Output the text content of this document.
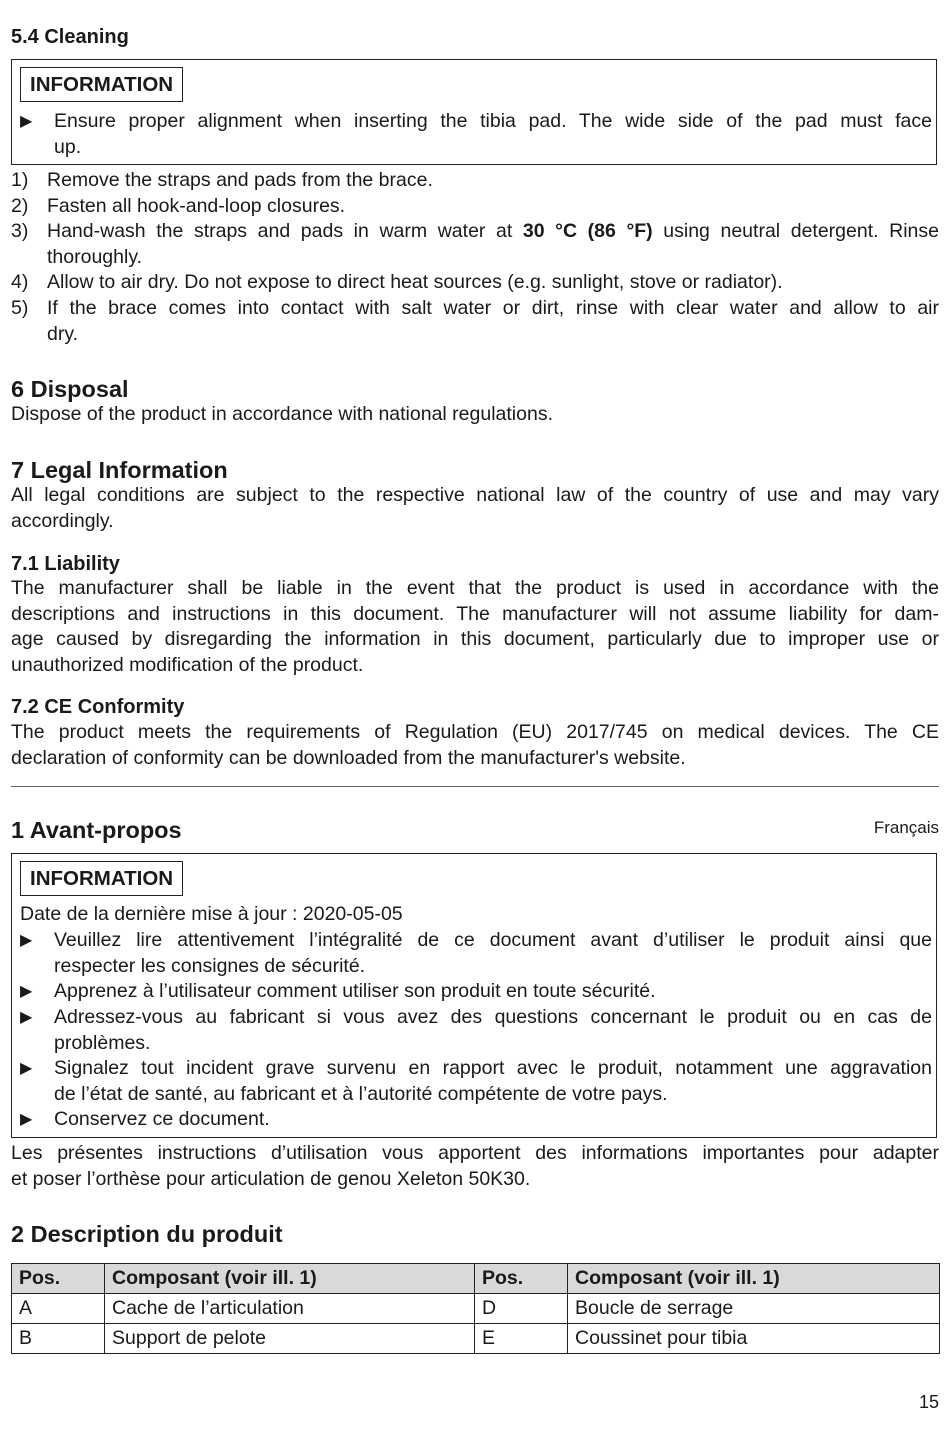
5.4 Cleaning
INFORMATION
▶ Ensure proper alignment when inserting the tibia pad. The wide side of the pad must face
up.
1) Remove the straps and pads from the brace.
2) Fasten all hook-and-loop closures.
3) Hand-wash the straps and pads in warm water at 30 °C (86 °F) using neutral detergent. Rinse
thoroughly.
4) Allow to air dry. Do not expose to direct heat sources (e.g. sunlight, stove or radiator).
5) If the brace comes into contact with salt water or dirt, rinse with clear water and allow to air
dry.
6 Disposal
Dispose of the product in accordance with national regulations.
7 Legal Information
All legal conditions are subject to the respective national law of the country of use and may vary
accordingly.
7.1 Liability
The manufacturer shall be liable in the event that the product is used in accordance with the
descriptions and instructions in this document. The manufacturer will not assume liability for dam-
age caused by disregarding the information in this document, particularly due to improper use or
unauthorized modification of the product.
7.2 CE Conformity
The product meets the requirements of Regulation (EU) 2017/745 on medical devices. The CE
declaration of conformity can be downloaded from the manufacturer's website.
Français
1 Avant-propos
INFORMATION
Date de la dernière mise à jour : 2020-05-05
▶ Veuillez lire attentivement l’intégralité de ce document avant d’utiliser le produit ainsi que
respecter les consignes de sécurité.
▶ Apprenez à l’utilisateur comment utiliser son produit en toute sécurité.
▶ Adressez-vous au fabricant si vous avez des questions concernant le produit ou en cas de
problèmes.
▶ Signalez tout incident grave survenu en rapport avec le produit, notamment une aggravation
de l’état de santé, au fabricant et à l’autorité compétente de votre pays.
▶ Conservez ce document.
Les présentes instructions d’utilisation vous apportent des informations importantes pour adapter
et poser l’orthèse pour articulation de genou Xeleton 50K30.
2 Description du produit
Pos.	Composant (voir ill. 1)	Pos.	Composant (voir ill. 1)
A	Cache de l’articulation	D	Boucle de serrage
B	Support de pelote	E	Coussinet pour tibia
15
